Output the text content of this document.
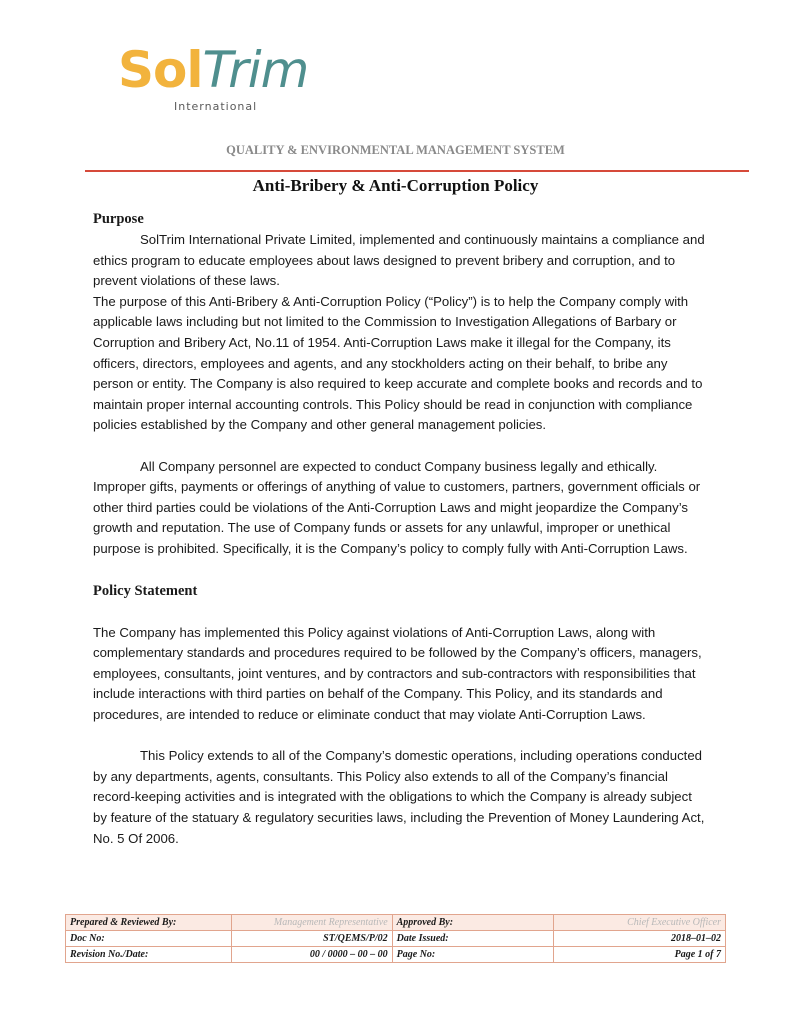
SolTrim
International
QUALITY & ENVIRONMENTAL MANAGEMENT SYSTEM
Anti-Bribery & Anti-Corruption Policy
Purpose

SolTrim International Private Limited, implemented and continuously maintains a compliance and ethics program to educate employees about laws designed to prevent bribery and corruption, and to prevent violations of these laws.

The purpose of this Anti-Bribery & Anti-Corruption Policy (“Policy”) is to help the Company comply with applicable laws including but not limited to the Commission to Investigation Allegations of Barbary or Corruption and Bribery Act, No.11 of 1954. Anti-Corruption Laws make it illegal for the Company, its officers, directors, employees and agents, and any stockholders acting on their behalf, to bribe any person or entity. The Company is also required to keep accurate and complete books and records and to maintain proper internal accounting controls. This Policy should be read in conjunction with compliance policies established by the Company and other general management policies.

All Company personnel are expected to conduct Company business legally and ethically. Improper gifts, payments or offerings of anything of value to customers, partners, government officials or other third parties could be violations of the Anti-Corruption Laws and might jeopardize the Company’s growth and reputation. The use of Company funds or assets for any unlawful, improper or unethical purpose is prohibited. Specifically, it is the Company’s policy to comply fully with Anti-Corruption Laws.

Policy Statement

The Company has implemented this Policy against violations of Anti-Corruption Laws, along with complementary standards and procedures required to be followed by the Company’s officers, managers, employees, consultants, joint ventures, and by contractors and sub-contractors with responsibilities that include interactions with third parties on behalf of the Company. This Policy, and its standards and procedures, are intended to reduce or eliminate conduct that may violate Anti-Corruption Laws.

This Policy extends to all of the Company’s domestic operations, including operations conducted by any departments, agents, consultants. This Policy also extends to all of the Company’s financial record-keeping activities and is integrated with the obligations to which the Company is already subject by feature of the statuary & regulatory securities laws, including the Prevention of Money Laundering Act, No. 5 Of 2006.

Prepared & Reviewed By:	Management Representative	Approved By:	Chief Executive Officer
Doc No:	ST/QEMS/P/02	Date Issued:	2018–01–02
Revision No./Date:	00 / 0000 – 00 – 00	Page No:	Page 1 of 7
